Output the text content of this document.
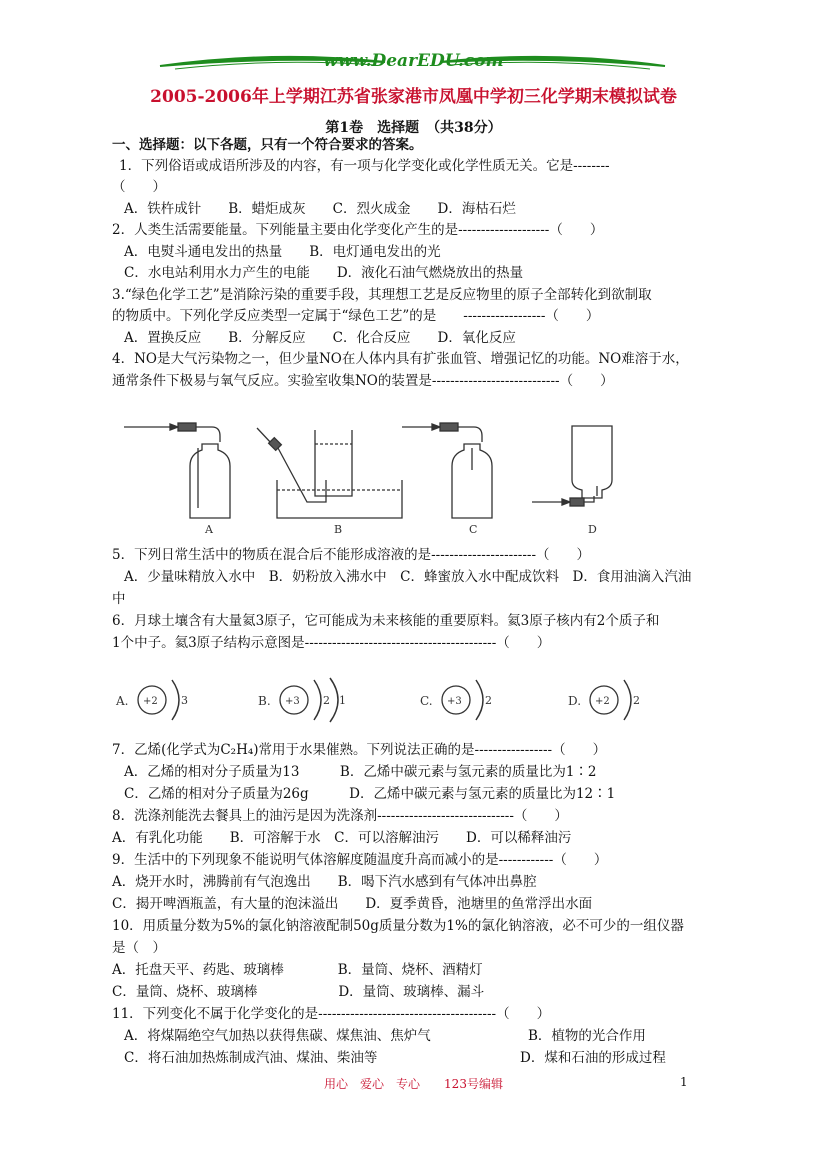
www.DearEDU.com
2005-2006年上学期江苏省张家港市凤凰中学初三化学期末模拟试卷
第1卷　选择题　（共38分）
一、选择题：以下各题，只有一个符合要求的答案。
1．下列俗语或成语所涉及的内容，有一项与化学变化或化学性质无关。它是--------
（　　）
A．铁杵成针　　B．蜡炬成灰　　C．烈火成金　　D．海枯石烂
2．人类生活需要能量。下列能量主要由化学变化产生的是--------------------（　　）
A．电熨斗通电发出的热量　　B．电灯通电发出的光
C．水电站利用水力产生的电能　　D．液化石油气燃烧放出的热量
3.“绿色化学工艺”是消除污染的重要手段，其理想工艺是反应物里的原子全部转化到欲制取
的物质中。下列化学反应类型一定属于“绿色工艺”的是　　------------------（　　）
A．置换反应　　B．分解反应　　C．化合反应　　D．氧化反应
4．NO是大气污染物之一，但少量NO在人体内具有扩张血管、增强记忆的功能。NO难溶于水，
通常条件下极易与氧气反应。实验室收集NO的装置是----------------------------（　　）
A	B	C	D
5．下列日常生活中的物质在混合后不能形成溶液的是-----------------------（　　）
A．少量味精放入水中　B．奶粉放入沸水中　C．蜂蜜放入水中配成饮料　D．食用油滴入汽油
中
6．月球土壤含有大量氦3原子，它可能成为未来核能的重要原料。氦3原子核内有2个质子和
1个中子。氦3原子结构示意图是------------------------------------------（　　）
A. +2 3	B. +3 2 1	C. +3 2	D. +2 2
7．乙烯(化学式为C₂H₄)常用于水果催熟。下列说法正确的是-----------------（　　）
A．乙烯的相对分子质量为13　　　B．乙烯中碳元素与氢元素的质量比为1∶2
C．乙烯的相对分子质量为26g　　　D．乙烯中碳元素与氢元素的质量比为12∶1
8．洗涤剂能洗去餐具上的油污是因为洗涤剂------------------------------（　　）
A．有乳化功能　　B．可溶解于水　C．可以溶解油污　　D．可以稀释油污
9．生活中的下列现象不能说明气体溶解度随温度升高而减小的是------------（　　）
A．烧开水时，沸腾前有气泡逸出　　B．喝下汽水感到有气体冲出鼻腔
C．揭开啤酒瓶盖，有大量的泡沫溢出　　D．夏季黄昏，池塘里的鱼常浮出水面
10．用质量分数为5%的氯化钠溶液配制50g质量分数为1%的氯化钠溶液，必不可少的一组仪器
是（　）
A．托盘天平、药匙、玻璃棒　　　　B．量筒、烧杯、酒精灯
C．量筒、烧杯、玻璃棒　　　　　　D．量筒、玻璃棒、漏斗
11．下列变化不属于化学变化的是---------------------------------------（　　）
A．将煤隔绝空气加热以获得焦碳、煤焦油、焦炉气	B．植物的光合作用
C．将石油加热炼制成汽油、煤油、柴油等	D．煤和石油的形成过程
用心　爱心　专心　　123号编辑	1
